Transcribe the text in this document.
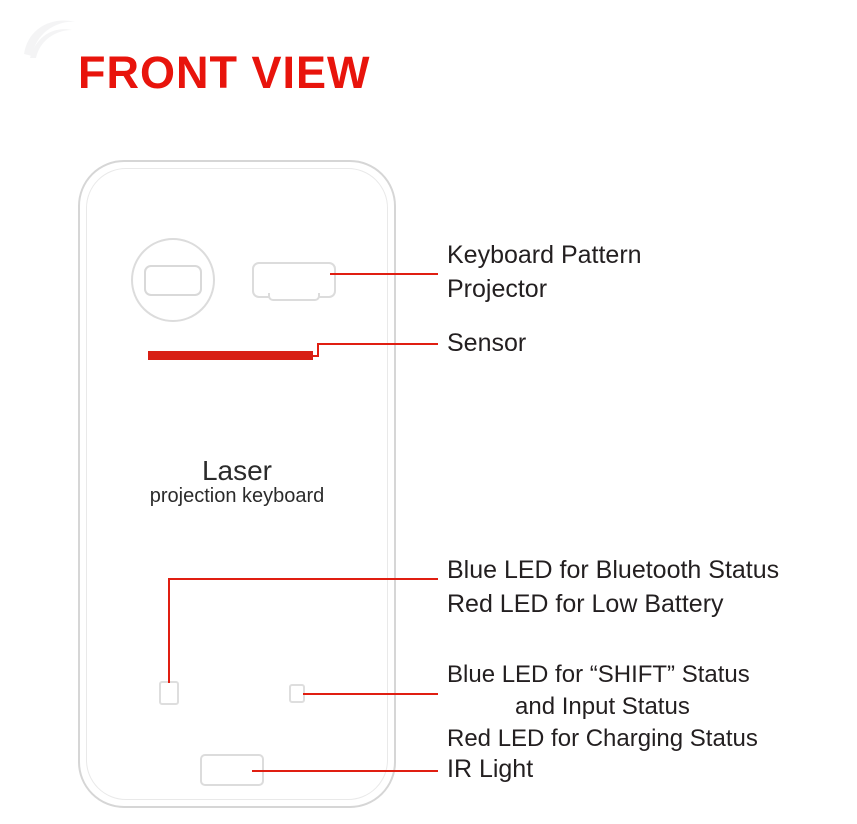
FRONT VIEW
Laser
projection keyboard
Keyboard Pattern
Projector
Sensor
Blue LED for Bluetooth Status
Red LED for Low Battery
Blue LED for “SHIFT” Status

and Input Status
Red LED for Charging Status
IR Light
